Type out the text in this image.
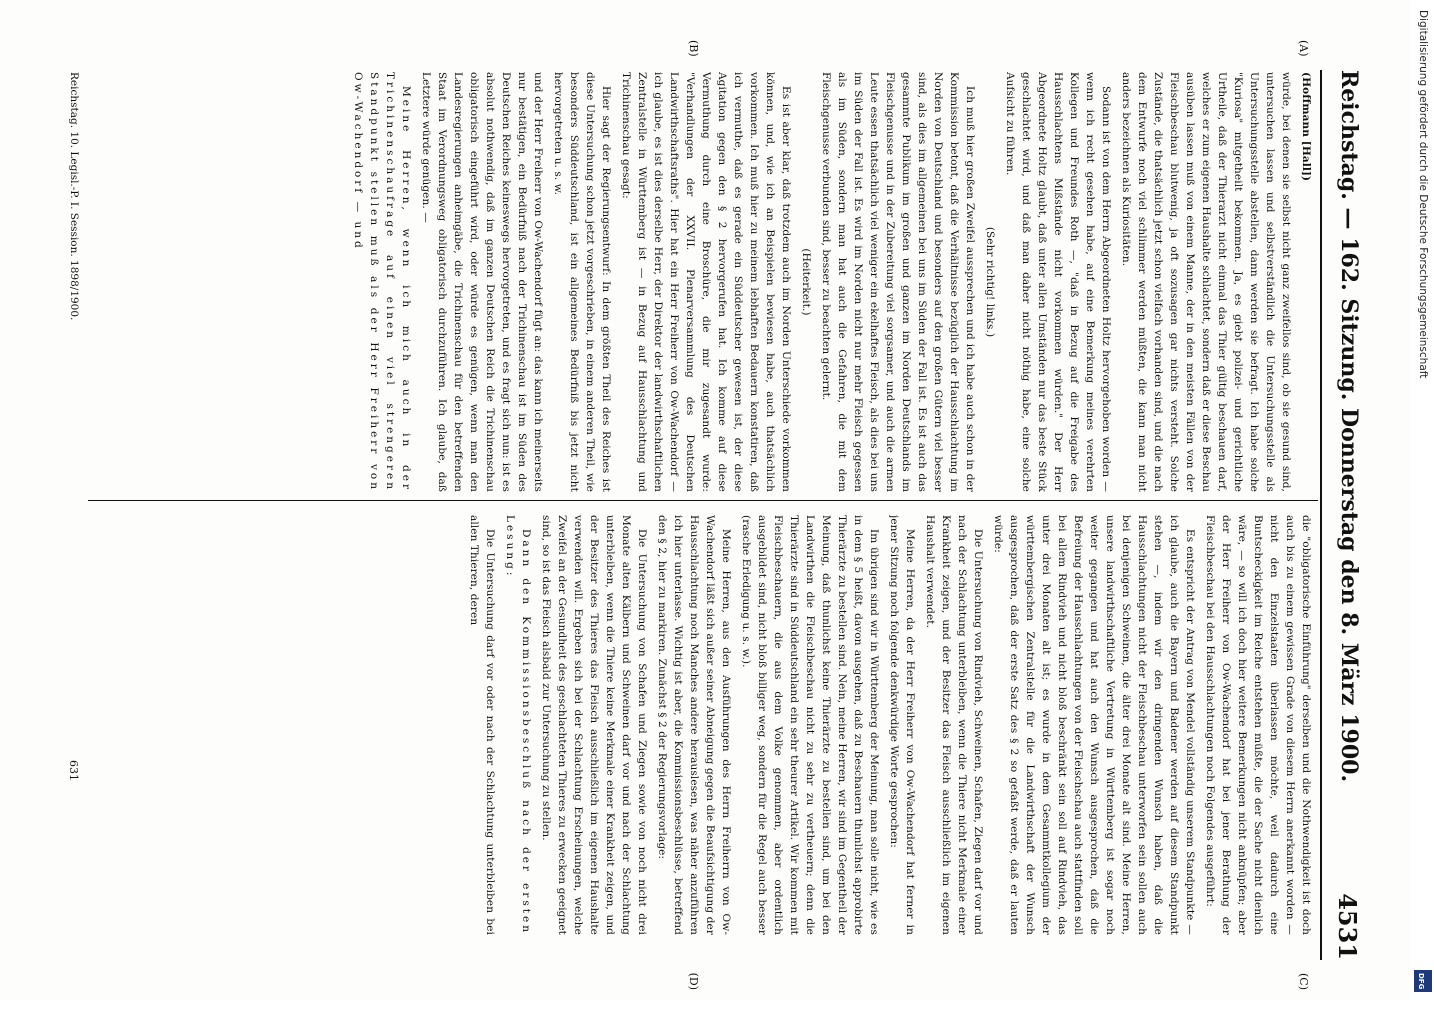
Reichstag. — 162. Sitzung. Donnerstag den 8. März 1900.
4531
(A)
(B)
(C)
(D)

(Hoffmann [Hall])

würde, bei denen sie selbst nicht ganz zweifellos sind, ob sie gesund sind, untersuchen lassen und selbstverständlich die Untersuchungsstelle als Untersuchungsstelle abstellen, dann werden sie befragt. Ich habe solche "Kuriosa" mitgetheilt bekommen. Ja, es giebt polizei- und gerichtliche Urtheile, daß der Thierarzt nicht einmal das Thier gültig beschauen darf, welches er zum eigenen Haushalte schlachtet, sondern daß er diese Beschau ausüben lassen muß von einem Manne, der in den meisten Fällen von der Fleischbeschau blutwenig, ja oft sozusagen gar nichts versteht. Solche Zustände, die thatsächlich jetzt schon vielfach vorhanden sind, und die nach dem Entwurfe noch viel schlimmer werden müßten, die kann man nicht anders bezeichnen als Kuriositäten.

Sodann ist von dem Herrn Abgeordneten Holtz hervorgehoben worden — wenn ich recht gesehen habe, auf eine Bemerkung meines verehrten Kollegen und Freundes Roth —, "daß in Bezug auf die Freigabe des Hausschlachtens Mißstände nicht vorkommen würden." Der Herr Abgeordnete Holtz glaubt, daß unter allen Umständen nur das beste Stück geschlachtet wird, und daß man daher nicht nöthig habe, eine solche Aufsicht zu führen.

(Sehr richtig! links.)

Ich muß hier großen Zweifel aussprechen und ich habe auch schon in der Kommission betont, daß die Verhältnisse bezüglich der Hausschlachtung im Norden von Deutschland und besonders auf den großen Gütern viel besser sind, als dies im allgemeinen bei uns im Süden der Fall ist. Es ist auch das gesammte Publikum im großen und ganzen im Norden Deutschlands im Fleischgenusse und in der Zubereitung viel sorgsamer, und auch die armen Leute essen thatsächlich viel weniger ein ekelhaftes Fleisch, als dies bei uns im Süden der Fall ist. Es wird im Norden nicht nur mehr Fleisch gegessen als im Süden, sondern man hat auch die Gefahren, die mit dem Fleischgenusse verbunden sind, besser zu beachten gelernt.

(Heiterkeit.)

Es ist aber klar, daß trotzdem auch im Norden Unterschiede vorkommen können, und, wie ich an Beispielen bewiesen habe, auch thatsächlich vorkommen. Ich muß hier zu meinem lebhaften Bedauern konstatiren, daß ich vermuthe, daß es gerade ein Süddeutscher gewesen ist, der diese Agitation gegen den § 2 hervorgerufen hat. Ich komme auf diese Vermuthung durch eine Broschüre, die mir zugesandt wurde: "Verhandlungen der XXVII. Plenarversammlung des Deutschen Landwirthschaftsraths". Hier hat ein Herr Freiherr von Ow-Wachendorf — ich glaube, es ist dies derselbe Herr, der Direktor der landwirthschaftlichen Zentralstelle in Württemberg ist — in Bezug auf Hausschlachtung und Trichinenschau gesagt:

Hier sagt der Regierungsentwurf: In dem größten Theil des Reiches ist diese Untersuchung schon jetzt vorgeschrieben, in einem anderen Theil, wie besonders Süddeutschland, ist ein allgemeines Bedürfniß bis jetzt nicht hervorgetreten u. s. w.

und der Herr Freiherr von Ow-Wachendorf fügt an: das kann ich meinerseits nur bestätigen, ein Bedürfniß nach der Trichinenschau ist im Süden des Deutschen Reiches keineswegs hervorgetreten, und es fragt sich nun: ist es absolut nothwendig, daß im ganzen Deutschen Reich die Trichinenschau obligatorisch eingeführt wird, oder würde es genügen, wenn man den Landesregierungen anheimgäbe, die Trichinenschau für den betreffenden Staat im Verordnungsweg obligatorisch durchzuführen. Ich glaube, daß Letztere würde genügen. —

Meine Herren, wenn ich mich auch in der Trichinenschaufrage auf einen viel strengeren Standpunkt stellen muß als der Herr Freiherr von Ow-Wachendorf — und

die "obligatorische Einführung" derselben und die Nothwendigkeit ist doch auch bis zu einem gewissen Grade von diesem Herrn anerkannt worden — nicht den Einzelstaaten überlassen möchte, weil dadurch eine Buntscheckigkeit im Reiche entstehen müßte, die der Sache nicht dienlich wäre, — so will ich doch hier weitere Bemerkungen nicht anknüpfen; aber der Herr Freiherr von Ow-Wachendorf hat bei jener Berathung der Fleischbeschau bei den Hausschlachtungen noch Folgendes ausgeführt:

Es entspricht der Antrag von Mendel vollständig unserem Standpunkte — ich glaube, auch die Bayern und Badener werden auf diesem Standpunkt stehen —, indem wir den dringenden Wunsch haben, daß die Hausschlachtungen nicht der Fleischbeschau unterworfen sein sollen auch bei denjenigen Schweinen, die älter drei Monate alt sind. Meine Herren, unsere landwirthschaftliche Vertretung in Württemberg ist sogar noch weiter gegangen und hat auch den Wunsch ausgesprochen, daß die Befreiung der Hausschlachtungen von der Fleischschau auch stattfinden soll bei allem Rindvieh und nicht bloß beschränkt sein soll auf Rindvieh, das unter drei Monaten alt ist; es wurde in dem Gesammtkollegium der württembergischen Zentralstelle für die Landwirthschaft der Wunsch ausgesprochen, daß der erste Satz des § 2 so gefaßt werde, daß er lauten würde:

Die Untersuchung von Rindvieh, Schweinen, Schafen, Ziegen darf vor und nach der Schlachtung unterbleiben, wenn die Thiere nicht Merkmale einer Krankheit zeigen, und der Besitzer das Fleisch ausschließlich im eigenen Haushalt verwendet.

Meine Herren, da der Herr Freiherr von Ow-Wachendorf hat ferner in jener Sitzung noch folgende denkwürdige Worte gesprochen:

Im übrigen sind wir in Württemberg der Meinung, man solle nicht, wie es in dem § 5 heißt, davon ausgehen, daß zu Beschauern thunlichst approbirte Thierärzte zu bestellen sind. Nein, meine Herren, wir sind im Gegentheil der Meinung, daß thunlichst keine Thierärzte zu bestellen sind, um bei den Landwirthen die Fleischbeschau nicht zu sehr zu vertheuern; denn die Thierärzte sind in Süddeutschland ein sehr theurer Artikel. Wir kommen mit Fleischbeschauern, die aus dem Volke genommen, aber ordentlich ausgebildet sind, nicht bloß billiger weg, sondern für die Regel auch besser (rasche Erledigung u. s. w.).

Meine Herren, aus den Ausführungen des Herrn Freiherrn von Ow-Wachendorf läßt sich außer seiner Abneigung gegen die Beaufsichtigung der Hausschlachtung noch Manches andere herauslesen, was näher anzuführen ich hier unterlasse. Wichtig ist aber, die Kommissionsbeschlüsse, betreffend den § 2, hier zu markiren. Zunächst § 2 der Regierungsvorlage:

Die Untersuchung von Schafen und Ziegen sowie von noch nicht drei Monate alten Kälbern und Schweinen darf vor und nach der Schlachtung unterbleiben, wenn die Thiere keine Merkmale einer Krankheit zeigen, und der Besitzer des Thieres das Fleisch ausschließlich im eigenen Haushalte verwenden will. Ergeben sich bei der Schlachtung Erscheinungen, welche Zweifel an der Gesundheit des geschlachteten Thieres zu erwecken geeignet sind, so ist das Fleisch alsbald zur Untersuchung zu stellen.

Dann den Kommissionsbeschluß nach der ersten Lesung:

Die Untersuchung darf vor oder nach der Schlachtung unterbleiben bei allen Thieren, deren

Reichstag. 10. Legisl.-P. I. Session. 1898/1900.
631
Digitalisierung gefördert durch die Deutsche Forschungsgemeinschaft
DFG
